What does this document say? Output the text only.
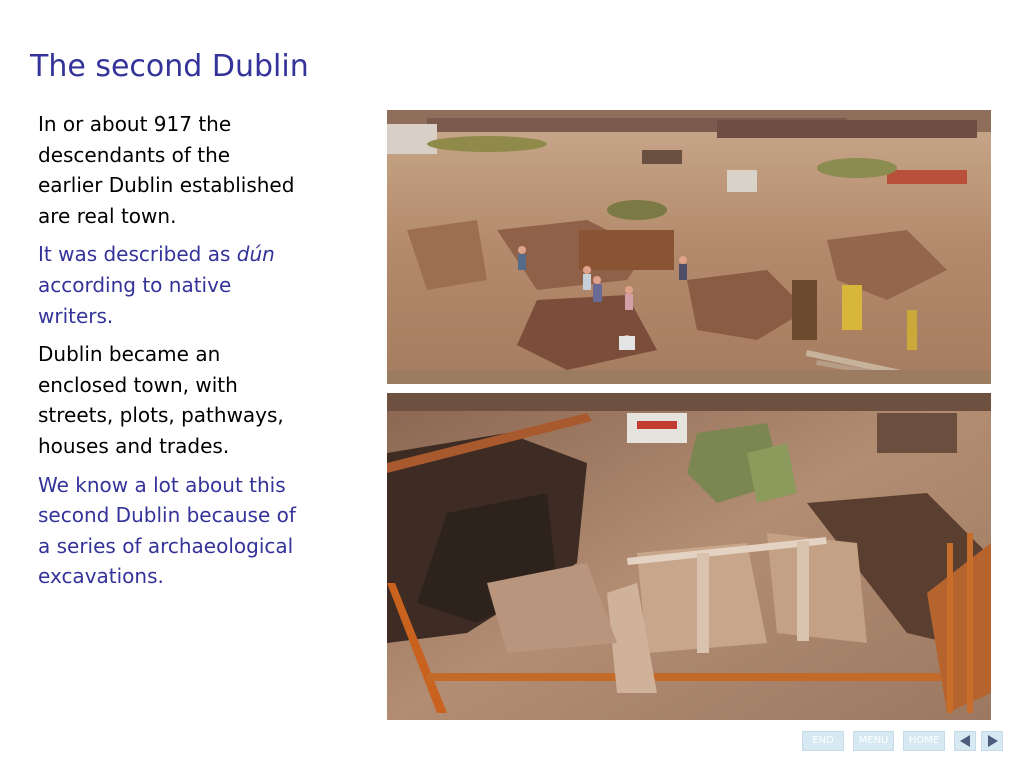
The second Dublin

In or about 917 the descendants of the earlier Dublin established are real town.

It was described as dún according to native writers.

Dublin became an enclosed town, with streets, plots, pathways, houses and trades.

We know a lot about this second Dublin because of a series of archaeological excavations.

END	MENU	HOME
